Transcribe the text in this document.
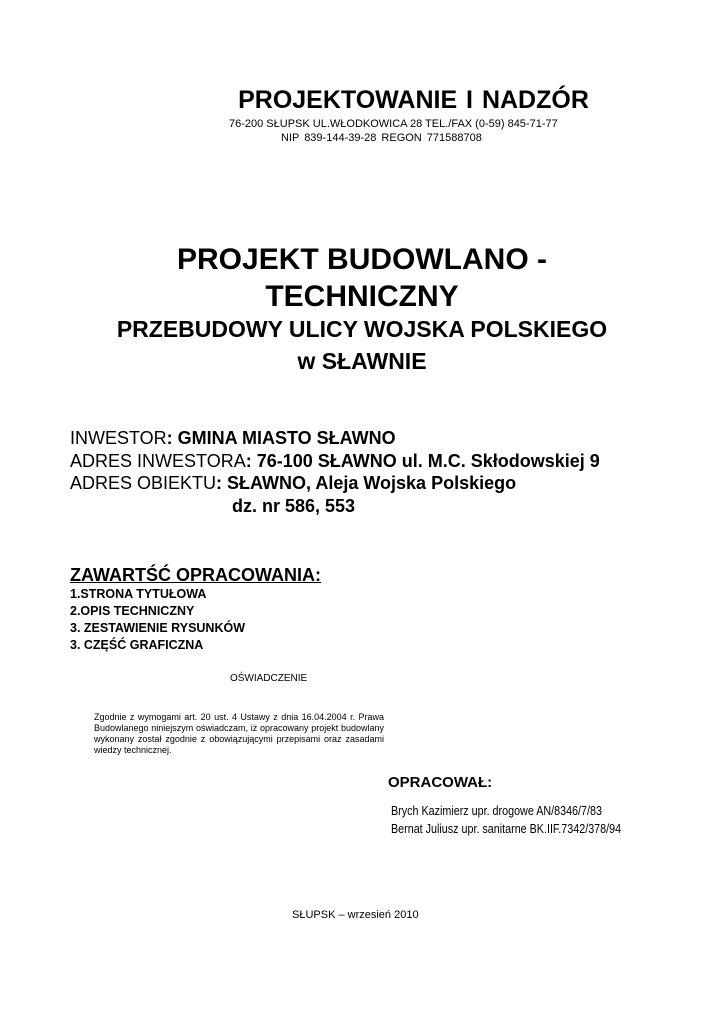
PROJEKTOWANIE I NADZÓR
76-200 SŁUPSK UL.WŁODKOWICA 28 TEL./FAX (0-59) 845-71-77
NIP 839-144-39-28 REGON 771588708
PROJEKT BUDOWLANO -
TECHNICZNY
PRZEBUDOWY ULICY WOJSKA POLSKIEGO
w SŁAWNIE
INWESTOR: GMINA MIASTO SŁAWNO
ADRES INWESTORA: 76-100 SŁAWNO ul. M.C. Skłodowskiej 9
ADRES OBIEKTU: SŁAWNO, Aleja Wojska Polskiego
dz. nr 586, 553
ZAWARTŚĆ OPRACOWANIA:
1.STRONA TYTUŁOWA
2.OPIS TECHNICZNY
3. ZESTAWIENIE RYSUNKÓW
3. CZĘŚĆ GRAFICZNA
OŚWIADCZENIE
Zgodnie z wymogami art. 20 ust. 4 Ustawy z dnia 16.04.2004 r. Prawa Budowlanego niniejszym oświadczam, iż opracowany projekt budowlany wykonany został zgodnie z obowiązującymi przepisami oraz zasadami wiedzy technicznej.
OPRACOWAŁ:
Brych Kazimierz upr. drogowe AN/8346/7/83
Bernat Juliusz upr. sanitarne BK.IIF.7342/378/94
SŁUPSK – wrzesień 2010
